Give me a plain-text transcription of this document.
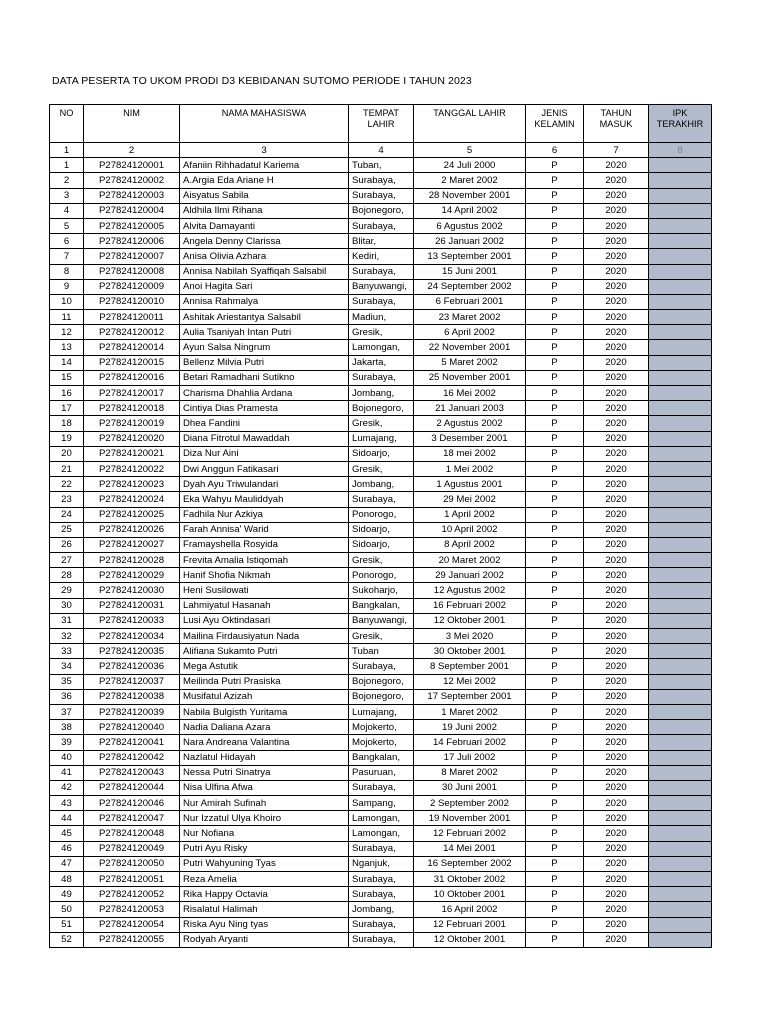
DATA PESERTA TO UKOM PRODI D3 KEBIDANAN SUTOMO PERIODE I TAHUN 2023
NO	NIM	NAMA MAHASISWA	TEMPAT LAHIR	TANGGAL LAHIR	JENIS KELAMIN	TAHUN MASUK	IPK TERAKHIR
1	2	3	4	5	6	7	8
1	P27824120001	Afaniin Rihhadatul Kariema	Tuban,	24 Juli 2000	P	2020	
2	P27824120002	A.Argia Eda Ariane H	Surabaya,	2 Maret 2002	P	2020	
3	P27824120003	Aisyatus Sabila	Surabaya,	28 November 2001	P	2020	
4	P27824120004	Aldhila Ilmi Rihana	Bojonegoro,	14 April 2002	P	2020	
5	P27824120005	Alvita Damayanti	Surabaya,	6 Agustus 2002	P	2020	
6	P27824120006	Angela Denny Clarissa	Blitar,	26 Januari 2002	P	2020	
7	P27824120007	Anisa Olivia Azhara	Kediri,	13 September 2001	P	2020	
8	P27824120008	Annisa Nabilah Syaffiqah Salsabil	Surabaya,	15 Juni 2001	P	2020	
9	P27824120009	Anoi Hagita Sari	Banyuwangi,	24 September 2002	P	2020	
10	P27824120010	Annisa Rahmalya	Surabaya,	6 Februari 2001	P	2020	
11	P27824120011	Ashitak Ariestantya Salsabil	Madiun,	23 Maret 2002	P	2020	
12	P27824120012	Aulia Tsaniyah Intan Putri	Gresik,	6 April 2002	P	2020	
13	P27824120014	Ayun Salsa Ningrum	Lamongan,	22 November 2001	P	2020	
14	P27824120015	Bellenz Milvia Putri	Jakarta,	5 Maret 2002	P	2020	
15	P27824120016	Betari Ramadhani Sutikno	Surabaya,	25 November 2001	P	2020	
16	P27824120017	Charisma Dhahlia Ardana	Jombang,	16 Mei 2002	P	2020	
17	P27824120018	Cintiya Dias Pramesta	Bojonegoro,	21 Januari 2003	P	2020	
18	P27824120019	Dhea Fandini	Gresik,	2 Agustus 2002	P	2020	
19	P27824120020	Diana Fitrotul Mawaddah	Lumajang,	3 Desember 2001	P	2020	
20	P27824120021	Diza Nur Aini	Sidoarjo,	18 mei 2002	P	2020	
21	P27824120022	Dwi Anggun Fatikasari	Gresik,	1 Mei 2002	P	2020	
22	P27824120023	Dyah Ayu Triwulandari	Jombang,	1 Agustus 2001	P	2020	
23	P27824120024	Eka Wahyu Mauliddyah	Surabaya,	29 Mei 2002	P	2020	
24	P27824120025	Fadhila Nur Azkiya	Ponorogo,	1 April 2002	P	2020	
25	P27824120026	Farah Annisa' Warid	Sidoarjo,	10 April 2002	P	2020	
26	P27824120027	Framayshella Rosyida	Sidoarjo,	8 April 2002	P	2020	
27	P27824120028	Frevita Amalia Istiqomah	Gresik,	20 Maret 2002	P	2020	
28	P27824120029	Hanif Shofia Nikmah	Ponorogo,	29 Januari 2002	P	2020	
29	P27824120030	Heni Susilowati	Sukoharjo,	12 Agustus 2002	P	2020	
30	P27824120031	Lahmiyatul Hasanah	Bangkalan,	16 Februari 2002	P	2020	
31	P27824120033	Lusi Ayu Oktindasari	Banyuwangi,	12 Oktober 2001	P	2020	
32	P27824120034	Mailina Firdausiyatun Nada	Gresik,	3 Mei 2020	P	2020	
33	P27824120035	Alifiana Sukamto Putri	Tuban	30 Oktober 2001	P	2020	
34	P27824120036	Mega Astutik	Surabaya,	8 September 2001	P	2020	
35	P27824120037	Meilinda Putri Prasiska	Bojonegoro,	12 Mei 2002	P	2020	
36	P27824120038	Musifatul Azizah	Bojonegoro,	17 September 2001	P	2020	
37	P27824120039	Nabila Bulgisth Yuritama	Lumajang,	1 Maret 2002	P	2020	
38	P27824120040	Nadia Daliana Azara	Mojokerto,	19 Juni 2002	P	2020	
39	P27824120041	Nara Andreana Valantina	Mojokerto,	14 Februari 2002	P	2020	
40	P27824120042	Nazlatul Hidayah	Bangkalan,	17 Juli 2002	P	2020	
41	P27824120043	Nessa Putri Sinatrya	Pasuruan,	8 Maret 2002	P	2020	
42	P27824120044	Nisa Ulfina Afwa	Surabaya,	30 Juni 2001	P	2020	
43	P27824120046	Nur Amirah Sufinah	Sampang,	2 September 2002	P	2020	
44	P27824120047	Nur Izzatul Ulya Khoiro	Lamongan,	19 November 2001	P	2020	
45	P27824120048	Nur Nofiana	Lamongan,	12 Februari 2002	P	2020	
46	P27824120049	Putri Ayu Risky	Surabaya,	14 Mei 2001	P	2020	
47	P27824120050	Putri Wahyuning Tyas	Nganjuk,	16 September 2002	P	2020	
48	P27824120051	Reza Amelia	Surabaya,	31 Oktober 2002	P	2020	
49	P27824120052	Rika Happy Octavia	Surabaya,	10 Oktober 2001	P	2020	
50	P27824120053	Risalatul Halimah	Jombang,	16 April 2002	P	2020	
51	P27824120054	Riska Ayu Ning tyas	Surabaya,	12 Februari 2001	P	2020	
52	P27824120055	Rodyah Aryanti	Surabaya,	12 Oktober 2001	P	2020	
